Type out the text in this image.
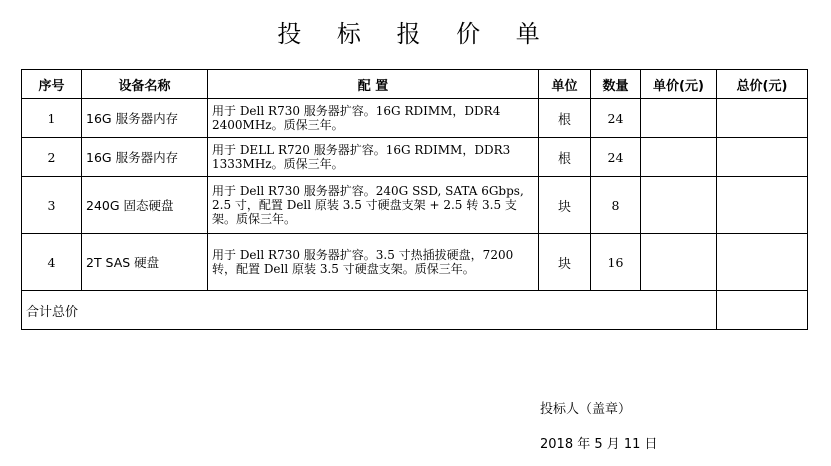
投 标 报 价 单
序号	设备名称	配 置	单位	数量	单价(元)	总价(元)
1	16G 服务器内存	用于 Dell R730 服务器扩容。16G RDIMM，DDR4 2400MHz。质保三年。	根	24		
2	16G 服务器内存	用于 DELL R720 服务器扩容。16G RDIMM，DDR3 1333MHz。质保三年。	根	24		
3	240G 固态硬盘	用于 Dell R730 服务器扩容。240G SSD, SATA 6Gbps, 2.5 寸，配置 Dell 原装 3.5 寸硬盘支架 + 2.5 转 3.5 支架。质保三年。	块	8		
4	2T SAS 硬盘	用于 Dell R730 服务器扩容。3.5 寸热插拔硬盘，7200 转，配置 Dell 原装 3.5 寸硬盘支架。质保三年。	块	16		
合计总价						
投标人（盖章）
2018 年 5 月 11 日
